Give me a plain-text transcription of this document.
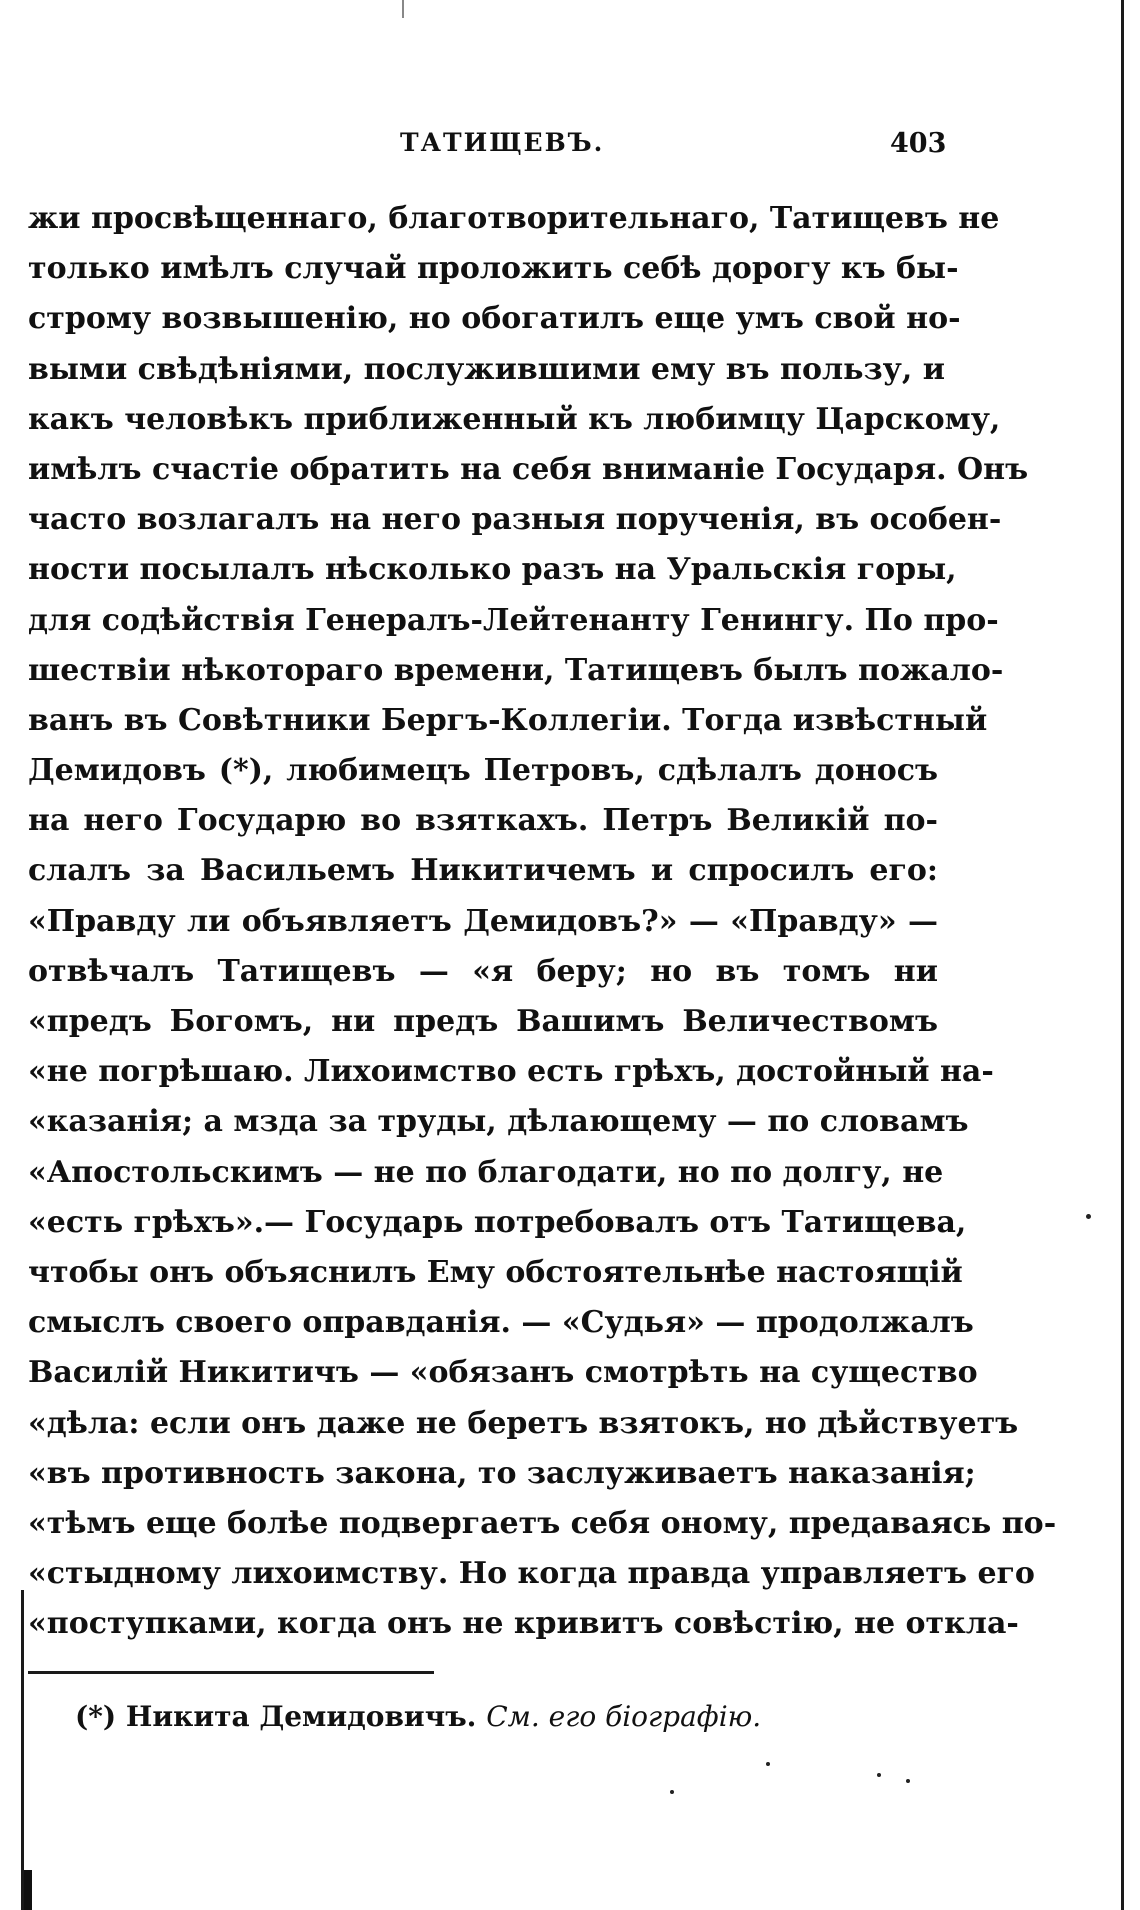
ТАТИЩЕВЪ.	403
жи просвѣщеннаго, благотворительнаго, Татищевъ не
только имѣлъ случай проложить себѣ дорогу къ бы-
строму возвышенію, но обогатилъ еще умъ свой но-
выми свѣдѣніями, послужившими ему въ пользу, и
какъ человѣкъ приближенный къ любимцу Царскому,
имѣлъ счастіе обратить на себя вниманіе Государя. Онъ
часто возлагалъ на него разныя порученія, въ особен-
ности посылалъ нѣсколько разъ на Уральскія горы,
для содѣйствія Генералъ-Лейтенанту Генингу. По про-
шествіи нѣкотораго времени, Татищевъ былъ пожало-
ванъ въ Совѣтники Бергъ-Коллегіи. Тогда извѣстный
Демидовъ (*), любимецъ Петровъ, сдѣлалъ доносъ
на него Государю во взяткахъ. Петръ Великій по-
слалъ за Васильемъ Никитичемъ и спросилъ его:
«Правду ли объявляетъ Демидовъ?» — «Правду» —
отвѣчалъ Татищевъ — «я беру; но въ томъ ни
«предъ Богомъ, ни предъ Вашимъ Величествомъ
«не погрѣшаю. Лихоимство есть грѣхъ, достойный на-
«казанія; а мзда за труды, дѣлающему — по словамъ
«Апостольскимъ — не по благодати, но по долгу, не
«есть грѣхъ».— Государь потребовалъ отъ Татищева,
чтобы онъ объяснилъ Ему обстоятельнѣе настоящій
смыслъ своего оправданія. — «Судья» — продолжалъ
Василій Никитичъ — «обязанъ смотрѣть на существо
«дѣла: если онъ даже не беретъ взятокъ, но дѣйствуетъ
«въ противность закона, то заслуживаетъ наказанія;
«тѣмъ еще болѣе подвергаетъ себя оному, предаваясь по-
«стыдному лихоимству. Но когда правда управляетъ его
«поступками, когда онъ не кривитъ совѣстію, не откла-
(*) Никита Демидовичъ. См. его біографію.
